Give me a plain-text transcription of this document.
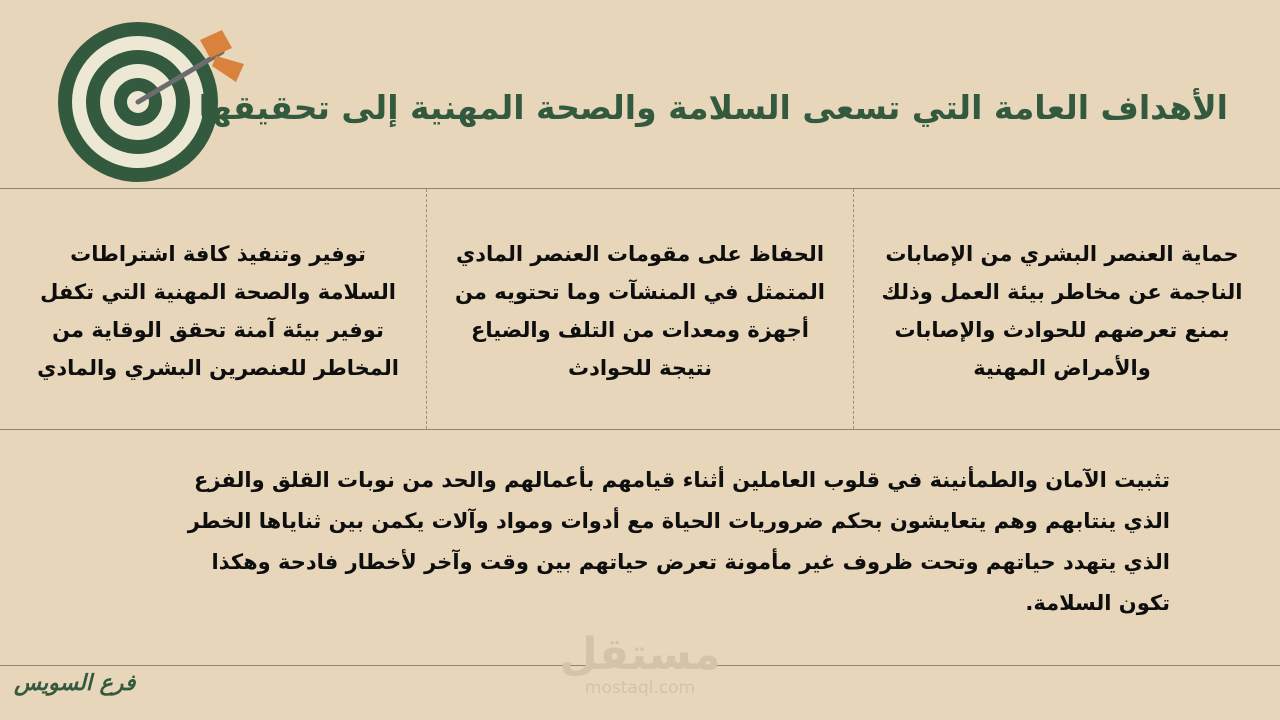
الأهداف العامة التي تسعى السلامة والصحة المهنية إلى تحقيقها
حماية العنصر البشري من الإصابات الناجمة عن مخاطر بيئة العمل وذلك بمنع تعرضهم للحوادث والإصابات والأمراض المهنية
الحفاظ على مقومات العنصر المادي المتمثل في المنشآت وما تحتويه من أجهزة ومعدات من التلف والضياع نتيجة للحوادث
توفير وتنفيذ كافة اشتراطات السلامة والصحة المهنية التي تكفل توفير بيئة آمنة تحقق الوقاية من المخاطر للعنصرين البشري والمادي
تثبيت الآمان والطمأنينة في قلوب العاملين أثناء قيامهم بأعمالهم والحد من نوبات القلق والفزع الذي ينتابهم وهم يتعايشون بحكم ضروريات الحياة مع أدوات ومواد وآلات يكمن بين ثناياها الخطر الذي يتهدد حياتهم وتحت ظروف غير مأمونة تعرض حياتهم بين وقت وآخر لأخطار فادحة وهكذا تكون السلامة.
مستقل
mostaql.com
فرع السويس
